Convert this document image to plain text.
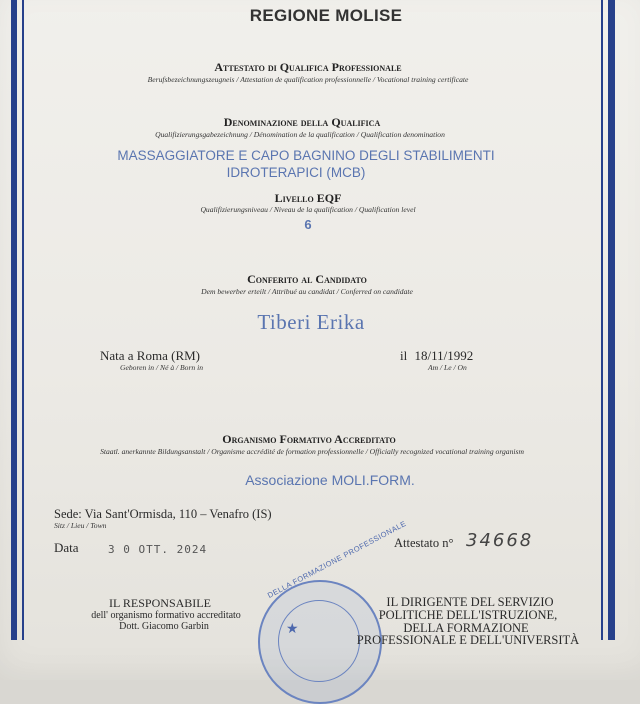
REGIONE MOLISE
Attestato di Qualifica Professionale
Berufsbezeichnungszeugneis / Attestation de qualification professionnelle / Vocational training certificate
Denominazione della Qualifica
Qualifizierungsgabezeichnung / Dénomination de la qualification / Qualification denomination
MASSAGGIATORE E CAPO BAGNINO DEGLI STABILIMENTI
IDROTERAPICI (MCB)
Livello EQF
Qualifizierungsniveau / Niveau de la qualification / Qualification level
6
Conferito al Candidato
Dem bewerber erteilt / Attribué au candidat / Conferred on candidate
Tiberi Erika
Nata a Roma (RM)
Geboren in / Né à / Born in
il 18/11/1992
Am / Le / On
Organismo Formativo Accreditato
Staatl. anerkannte Bildungsanstalt / Organisme accrédité de formation professionnelle / Officially recognized vocational training organism
Associazione MOLI.FORM.
Sede: Via Sant'Ormisda, 110 – Venafro (IS)
Sitz / Lieu / Town
Data	3 0 OTT. 2024	Attestato n° 34668
DELLA FORMAZIONE PROFESSIONALE
★
IL RESPONSABILE
dell' organismo formativo accreditato
Dott. Giacomo Garbin
IL DIRIGENTE DEL SERVIZIO
POLITICHE DELL'ISTRUZIONE,
DELLA FORMAZIONE
PROFESSIONALE E DELL'UNIVERSITÀ
